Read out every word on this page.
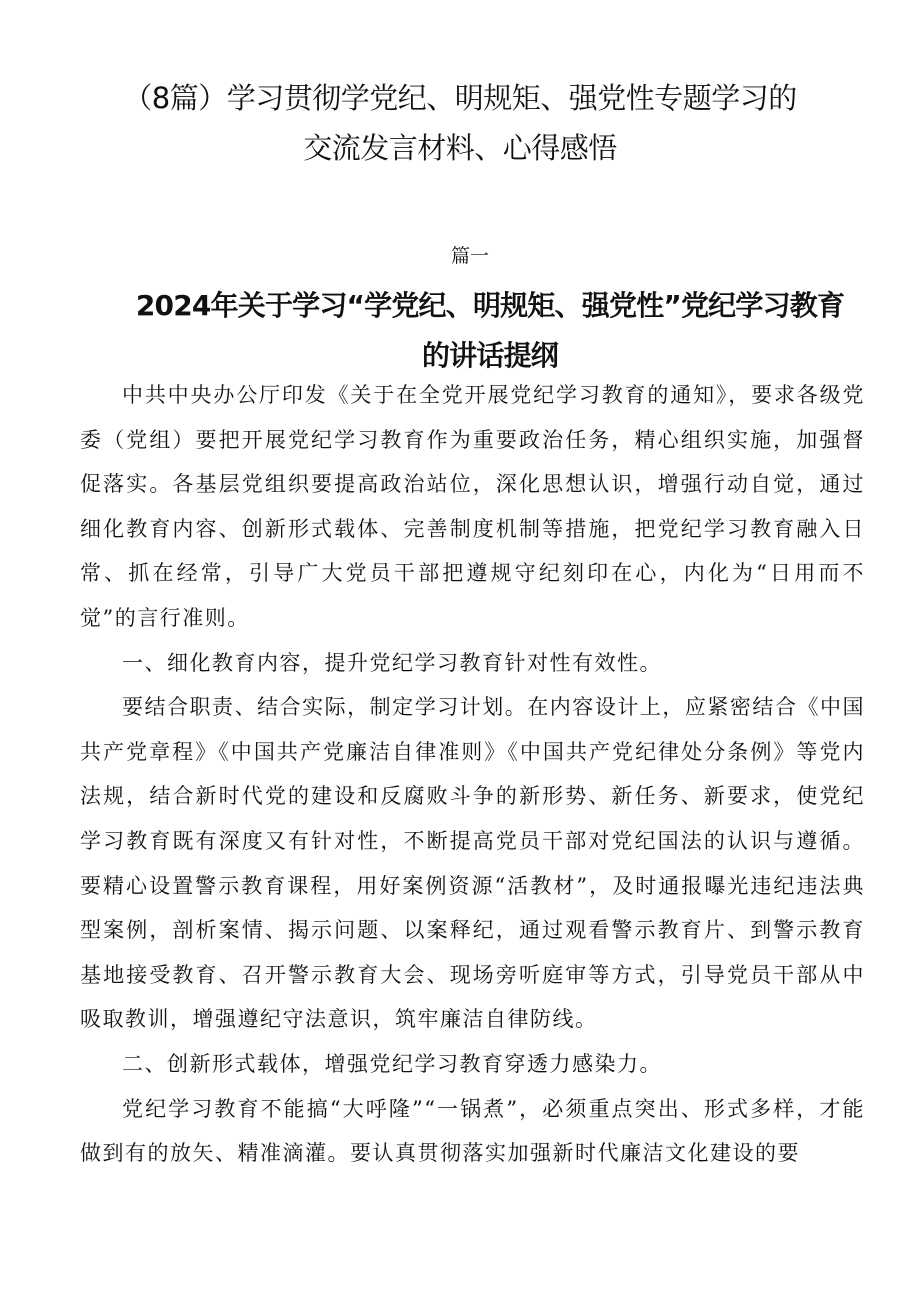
（8篇）学习贯彻学党纪、明规矩、强党性专题学习的
交流发言材料、心得感悟
篇一
2024年关于学习“学党纪、明规矩、强党性”党纪学习教育
的讲话提纲

中共中央办公厅印发《关于在全党开展党纪学习教育的通知》，要求各级党委（党组）要把开展党纪学习教育作为重要政治任务，精心组织实施，加强督促落实。各基层党组织要提高政治站位，深化思想认识，增强行动自觉，通过细化教育内容、创新形式载体、完善制度机制等措施，把党纪学习教育融入日常、抓在经常，引导广大党员干部把遵规守纪刻印在心，内化为“日用而不觉”的言行准则。

一、细化教育内容，提升党纪学习教育针对性有效性。

要结合职责、结合实际，制定学习计划。在内容设计上，应紧密结合《中国共产党章程》《中国共产党廉洁自律准则》《中国共产党纪律处分条例》等党内法规，结合新时代党的建设和反腐败斗争的新形势、新任务、新要求，使党纪学习教育既有深度又有针对性，不断提高党员干部对党纪国法的认识与遵循。要精心设置警示教育课程，用好案例资源“活教材”，及时通报曝光违纪违法典型案例，剖析案情、揭示问题、以案释纪，通过观看警示教育片、到警示教育基地接受教育、召开警示教育大会、现场旁听庭审等方式，引导党员干部从中吸取教训，增强遵纪守法意识，筑牢廉洁自律防线。

二、创新形式载体，增强党纪学习教育穿透力感染力。

党纪学习教育不能搞“大呼隆”“一锅煮”，必须重点突出、形式多样，才能做到有的放矢、精准滴灌。要认真贯彻落实加强新时代廉洁文化建设的要
